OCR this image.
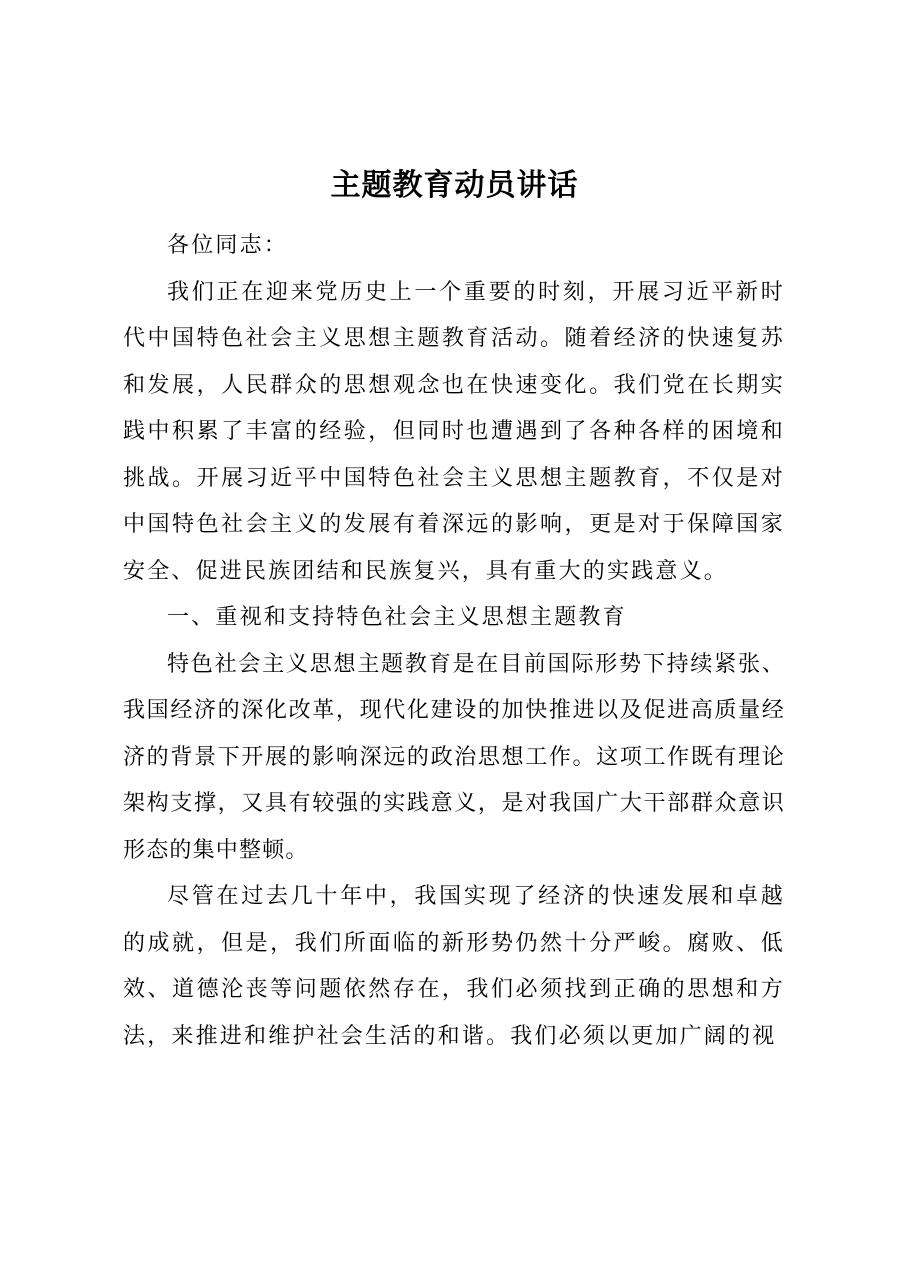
主题教育动员讲话

各位同志：

我们正在迎来党历史上一个重要的时刻，开展习近平新时代中国特色社会主义思想主题教育活动。随着经济的快速复苏和发展，人民群众的思想观念也在快速变化。我们党在长期实践中积累了丰富的经验，但同时也遭遇到了各种各样的困境和挑战。开展习近平中国特色社会主义思想主题教育，不仅是对中国特色社会主义的发展有着深远的影响，更是对于保障国家安全、促进民族团结和民族复兴，具有重大的实践意义。

一、重视和支持特色社会主义思想主题教育

特色社会主义思想主题教育是在目前国际形势下持续紧张、我国经济的深化改革，现代化建设的加快推进以及促进高质量经济的背景下开展的影响深远的政治思想工作。这项工作既有理论架构支撑，又具有较强的实践意义，是对我国广大干部群众意识形态的集中整顿。

尽管在过去几十年中，我国实现了经济的快速发展和卓越的成就，但是，我们所面临的新形势仍然十分严峻。腐败、低效、道德沦丧等问题依然存在，我们必须找到正确的思想和方法，来推进和维护社会生活的和谐。我们必须以更加广阔的视
